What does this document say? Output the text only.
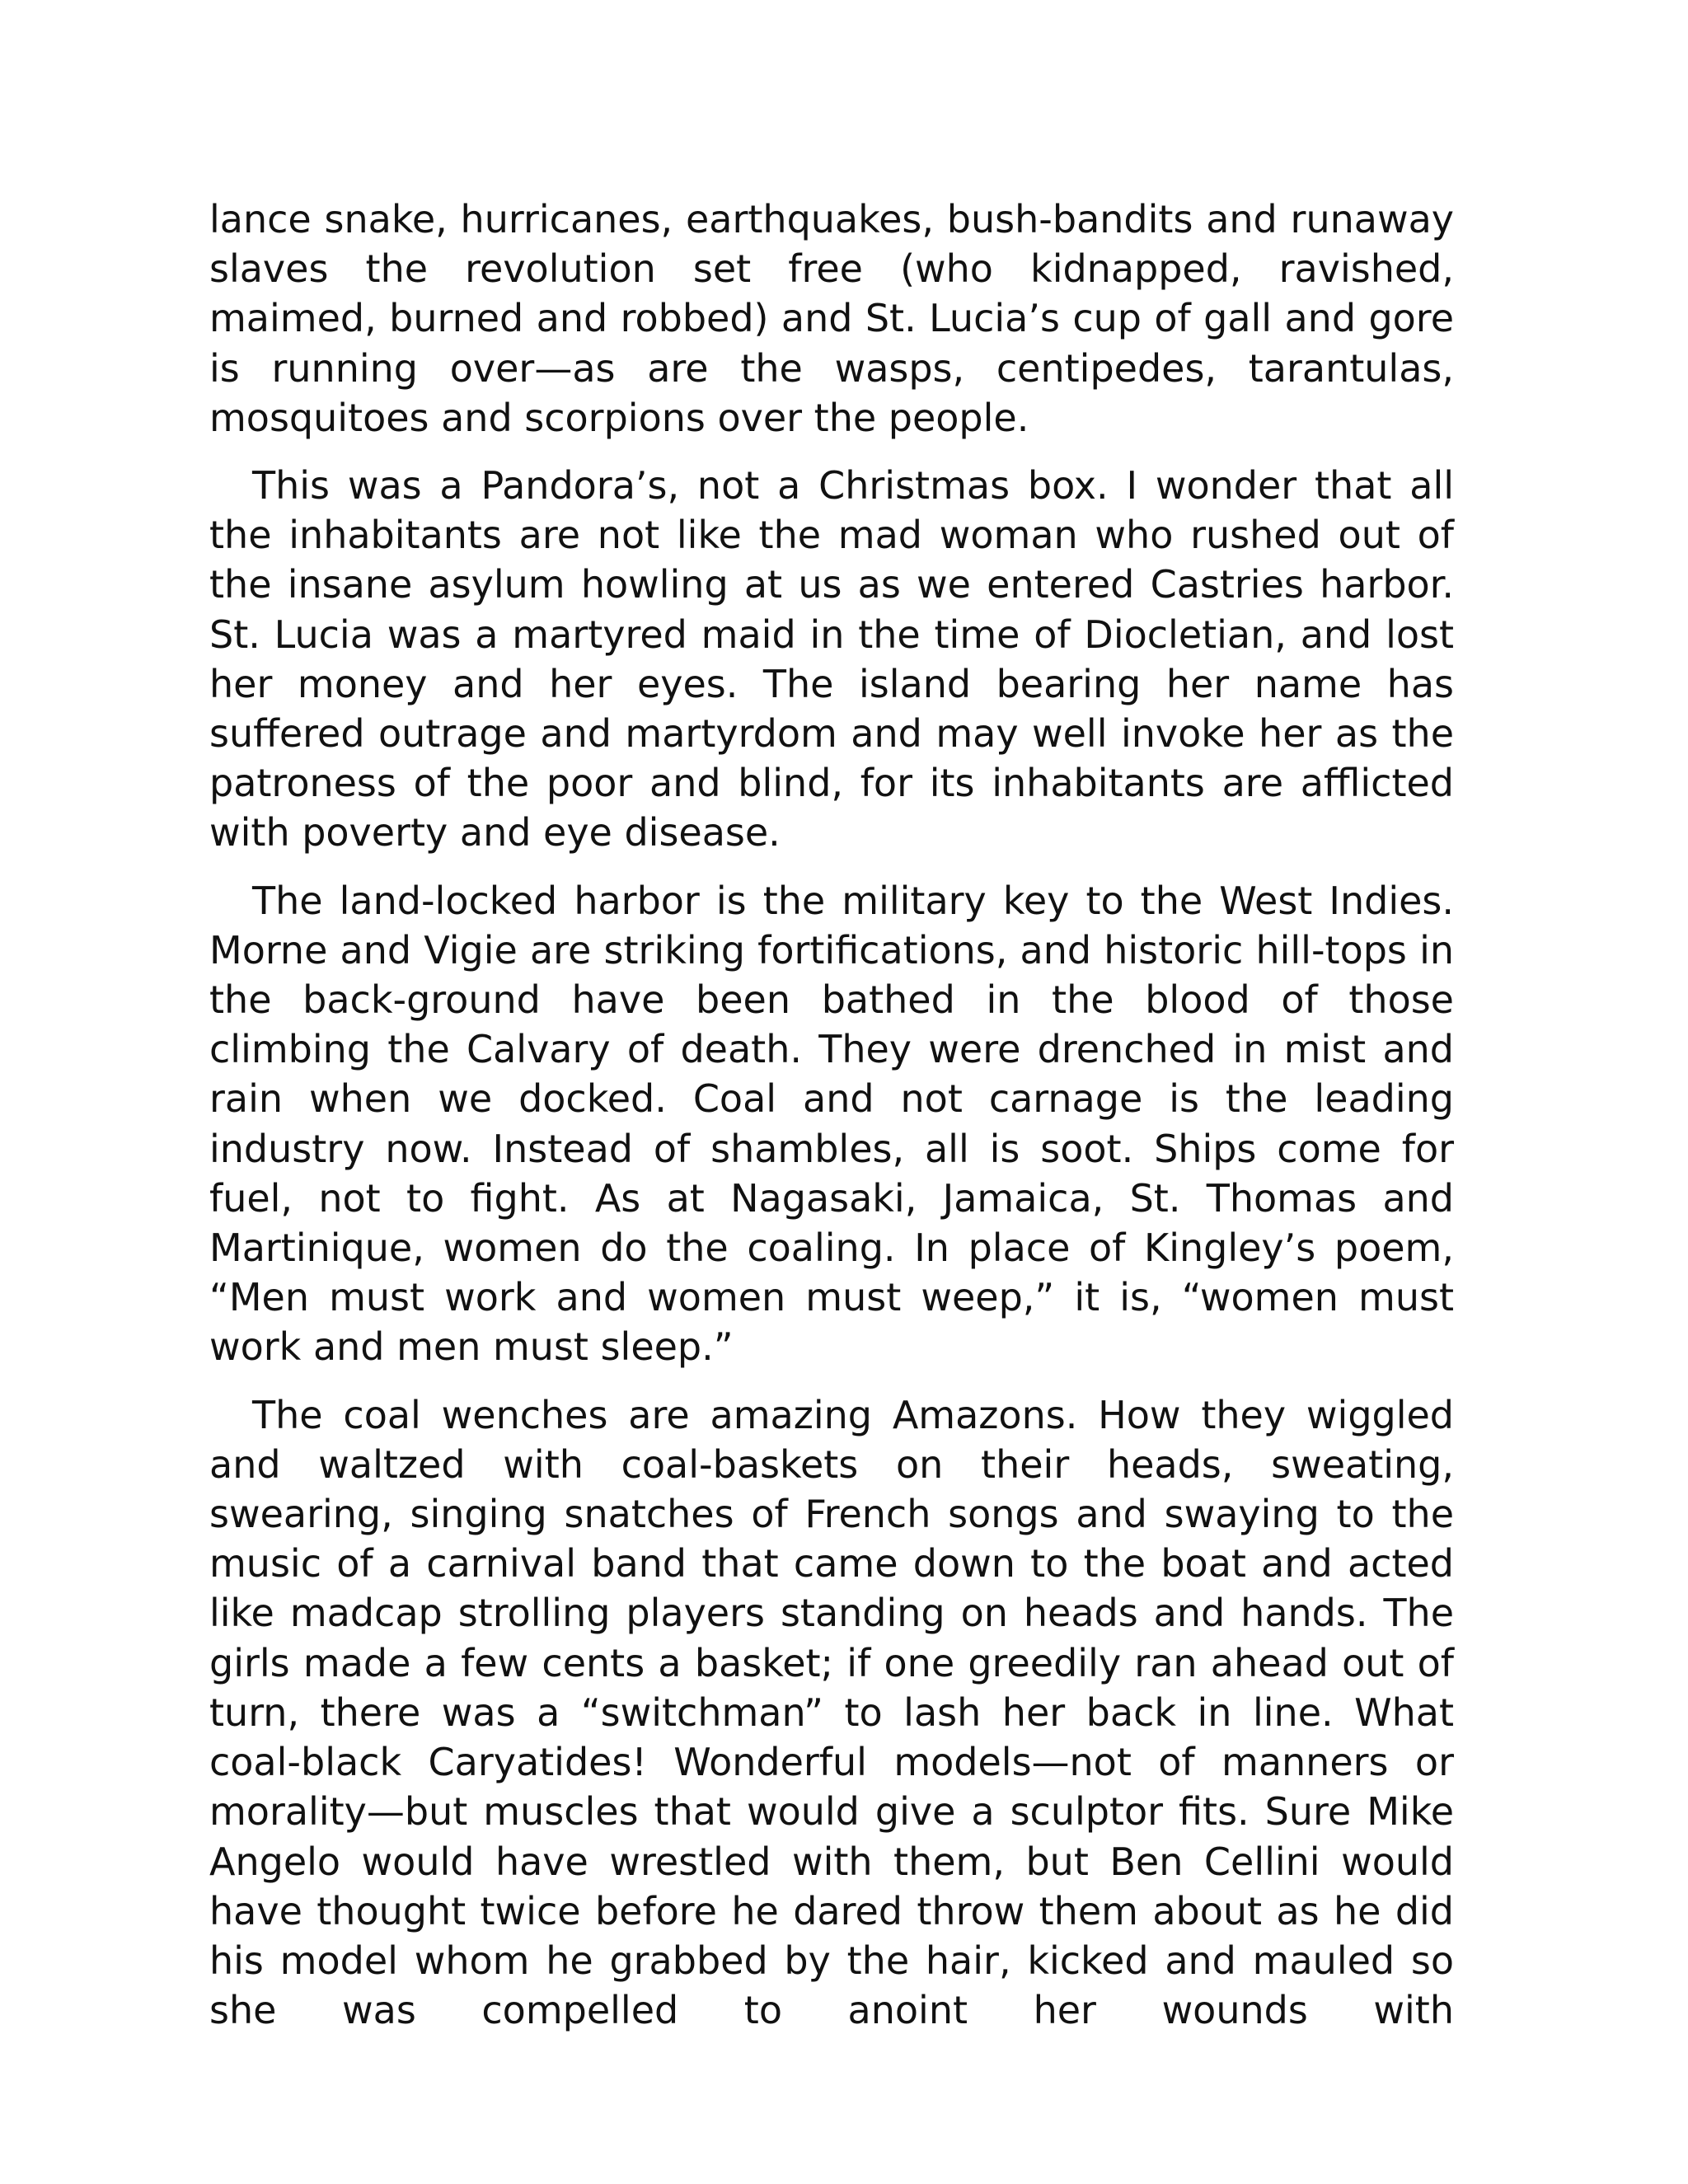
lance snake, hurricanes, earthquakes, bush-bandits and runaway slaves the revolution set free (who kidnapped, ravished, maimed, burned and robbed) and St. Lucia’s cup of gall and gore is running over—as are the wasps, centipedes, tarantulas, mosquitoes and scorpions over the people.

This was a Pandora’s, not a Christmas box. I wonder that all the inhabitants are not like the mad woman who rushed out of the insane asylum howling at us as we entered Castries harbor. St. Lucia was a martyred maid in the time of Diocletian, and lost her money and her eyes. The island bearing her name has suffered outrage and martyrdom and may well invoke her as the patroness of the poor and blind, for its inhabitants are afflicted with poverty and eye disease.

The land-locked harbor is the military key to the West Indies. Morne and Vigie are striking fortifications, and historic hill-tops in the back-ground have been bathed in the blood of those climbing the Calvary of death. They were drenched in mist and rain when we docked. Coal and not carnage is the leading industry now. Instead of shambles, all is soot. Ships come for fuel, not to fight. As at Nagasaki, Jamaica, St. Thomas and Martinique, women do the coaling. In place of Kingley’s poem, “Men must work and women must weep,” it is, “women must work and men must sleep.”

The coal wenches are amazing Amazons. How they wiggled and waltzed with coal-baskets on their heads, sweating, swearing, singing snatches of French songs and swaying to the music of a carnival band that came down to the boat and acted like madcap strolling players standing on heads and hands. The girls made a few cents a basket; if one greedily ran ahead out of turn, there was a “switchman” to lash her back in line. What coal-black Caryatides! Wonderful models—not of manners or morality—but muscles that would give a sculptor fits. Sure Mike Angelo would have wrestled with them, but Ben Cellini would have thought twice before he dared throw them about as he did his model whom he grabbed by the hair, kicked and mauled so she was compelled to anoint her wounds with
